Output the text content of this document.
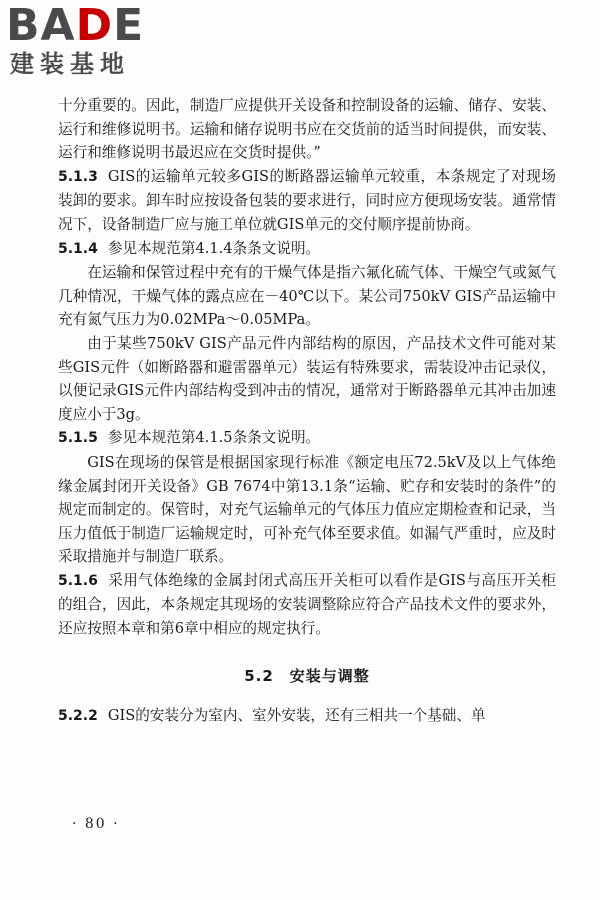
BADE
建装基地

十分重要的。因此，制造厂应提供开关设备和控制设备的运输、储存、安装、运行和维修说明书。运输和储存说明书应在交货前的适当时间提供，而安装、运行和维修说明书最迟应在交货时提供。”

5.1.3 GIS的运输单元较多GIS的断路器运输单元较重，本条规定了对现场装卸的要求。卸车时应按设备包装的要求进行，同时应方便现场安装。通常情况下，设备制造厂应与施工单位就GIS单元的交付顺序提前协商。

5.1.4 参见本规范第4.1.4条条文说明。

在运输和保管过程中充有的干燥气体是指六氟化硫气体、干燥空气或氮气几种情况，干燥气体的露点应在－40℃以下。某公司750kV GIS产品运输中充有氮气压力为0.02MPa～0.05MPa。

由于某些750kV GIS产品元件内部结构的原因，产品技术文件可能对某些GIS元件（如断路器和避雷器单元）装运有特殊要求，需装设冲击记录仪，以便记录GIS元件内部结构受到冲击的情况，通常对于断路器单元其冲击加速度应小于3g。

5.1.5 参见本规范第4.1.5条条文说明。

GIS在现场的保管是根据国家现行标准《额定电压72.5kV及以上气体绝缘金属封闭开关设备》GB 7674中第13.1条“运输、贮存和安装时的条件”的规定而制定的。保管时，对充气运输单元的气体压力值应定期检查和记录，当压力值低于制造厂运输规定时，可补充气体至要求值。如漏气严重时，应及时采取措施并与制造厂联系。

5.1.6 采用气体绝缘的金属封闭式高压开关柜可以看作是GIS与高压开关柜的组合，因此，本条规定其现场的安装调整除应符合产品技术文件的要求外，还应按照本章和第6章中相应的规定执行。

5.2 安装与调整

5.2.2 GIS的安装分为室内、室外安装，还有三相共一个基础、单

· 80 ·
